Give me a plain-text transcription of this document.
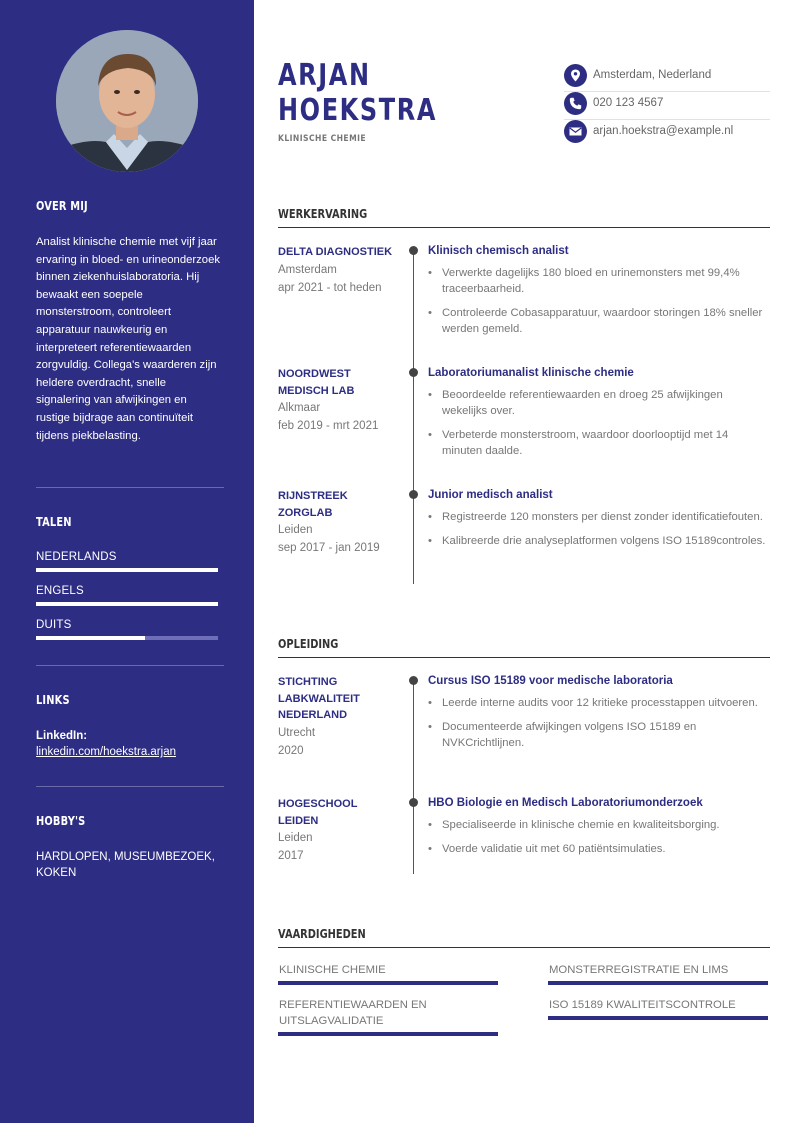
OVER MIJ
Analist klinische chemie met vijf jaar ervaring in bloed- en urineonderzoek binnen ziekenhuislaboratoria. Hij bewaakt een soepele monsterstroom, controleert apparatuur nauwkeurig en interpreteert referentiewaarden zorgvuldig. Collega's waarderen zijn heldere overdracht, snelle signalering van afwijkingen en rustige bijdrage aan continuïteit tijdens piekbelasting.
TALEN
NEDERLANDS
ENGELS
DUITS
LINKS
LinkedIn:
linkedin.com/hoekstra.arjan
HOBBY'S
HARDLOPEN, MUSEUMBEZOEK, KOKEN
ARJAN
HOEKSTRA
KLINISCHE CHEMIE
Amsterdam, Nederland
020 123 4567
arjan.hoekstra@example.nl
WERKERVARING
DELTA DIAGNOSTIEK
Amsterdam
apr 2021 - tot heden
Klinisch chemisch analist
• Verwerkte dagelijks 180 bloed en urinemonsters met 99,4% traceerbaarheid.
• Controleerde Cobasapparatuur, waardoor storingen 18% sneller werden gemeld.
NOORDWEST
MEDISCH LAB
Alkmaar
feb 2019 - mrt 2021
Laboratoriumanalist klinische chemie
• Beoordeelde referentiewaarden en droeg 25 afwijkingen wekelijks over.
• Verbeterde monsterstroom, waardoor doorlooptijd met 14 minuten daalde.
RIJNSTREEK
ZORGLAB
Leiden
sep 2017 - jan 2019
Junior medisch analist
• Registreerde 120 monsters per dienst zonder identificatiefouten.
• Kalibreerde drie analyseplatformen volgens ISO 15189controles.
OPLEIDING
STICHTING
LABKWALITEIT
NEDERLAND
Utrecht
2020
Cursus ISO 15189 voor medische laboratoria
• Leerde interne audits voor 12 kritieke processtappen uitvoeren.
• Documenteerde afwijkingen volgens ISO 15189 en NVKCrichtlijnen.
HOGESCHOOL
LEIDEN
Leiden
2017
HBO Biologie en Medisch Laboratoriumonderzoek
• Specialiseerde in klinische chemie en kwaliteitsborging.
• Voerde validatie uit met 60 patiëntsimulaties.
VAARDIGHEDEN
KLINISCHE CHEMIE	MONSTERREGISTRATIE EN LIMS
REFERENTIEWAARDEN EN UITSLAGVALIDATIE
ISO 15189 KWALITEITSCONTROLE
